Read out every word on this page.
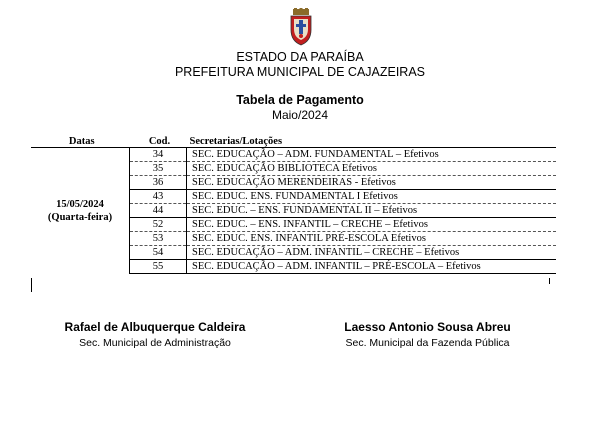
ESTADO DA PARAÍBA
PREFEITURA MUNICIPAL DE CAJAZEIRAS
Tabela de Pagamento
Maio/2024
Datas	Cod.	Secretarias/Lotações

15/05/2024
(Quarta-feira)	34	SEC. EDUCAÇÃO – ADM. FUNDAMENTAL – Efetivos
	35	SEC. EDUCAÇÃO BIBLIOTECA Efetivos
	36	SEC. EDUCAÇÃO MERENDEIRAS - Efetivos
	43	SEC. EDUC. ENS. FUNDAMENTAL I Efetivos
	44	SEC. EDUC. – ENS. FUNDAMENTAL II – Efetivos
	52	SEC. EDUC. – ENS. INFANTIL – CRECHE – Efetivos
	53	SEC. EDUC. ENS. INFANTIL PRÉ-ESCOLA Efetivos
	54	SEC. EDUCAÇÃO – ADM. INFANTIL – CRECHE – Efetivos
	55	SEC. EDUCAÇÃO – ADM. INFANTIL – PRÉ-ESCOLA – Efetivos
Rafael de Albuquerque Caldeira
Sec. Municipal de Administração
Laesso Antonio Sousa Abreu
Sec. Municipal da Fazenda Pública
